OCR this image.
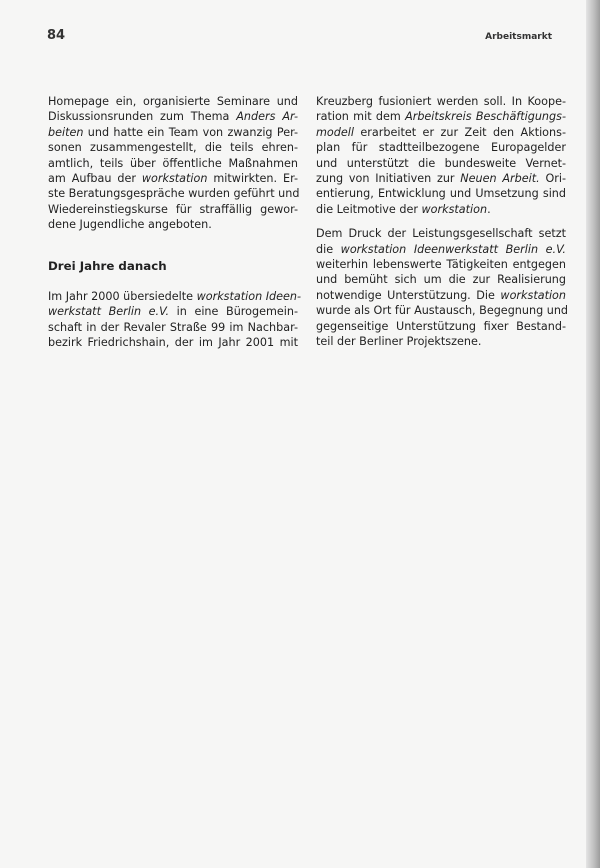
84	Arbeitsmarkt

Homepage ein, organisierte Seminare und
Diskussionsrunden zum Thema Anders Ar-
beiten und hatte ein Team von zwanzig Per-
sonen zusammengestellt, die teils ehren-
amtlich, teils über öffentliche Maßnahmen
am Aufbau der workstation mitwirkten. Er-
ste Beratungsgespräche wurden geführt und
Wiedereinstiegskurse für straffällig gewor-
dene Jugendliche angeboten.

Drei Jahre danach

Im Jahr 2000 übersiedelte workstation Ideen-
werkstatt Berlin e.V. in eine Bürogemein-
schaft in der Revaler Straße 99 im Nachbar-
bezirk Friedrichshain, der im Jahr 2001 mit

Kreuzberg fusioniert werden soll. In Koope-
ration mit dem Arbeitskreis Beschäftigungs-
modell erarbeitet er zur Zeit den Aktions-
plan für stadtteilbezogene Europagelder
und unterstützt die bundesweite Vernet-
zung von Initiativen zur Neuen Arbeit. Ori-
entierung, Entwicklung und Umsetzung sind
die Leitmotive der workstation.

Dem Druck der Leistungsgesellschaft setzt
die workstation Ideenwerkstatt Berlin e.V.
weiterhin lebenswerte Tätigkeiten entgegen
und bemüht sich um die zur Realisierung
notwendige Unterstützung. Die workstation
wurde als Ort für Austausch, Begegnung und
gegenseitige Unterstützung fixer Bestand-
teil der Berliner Projektszene.
